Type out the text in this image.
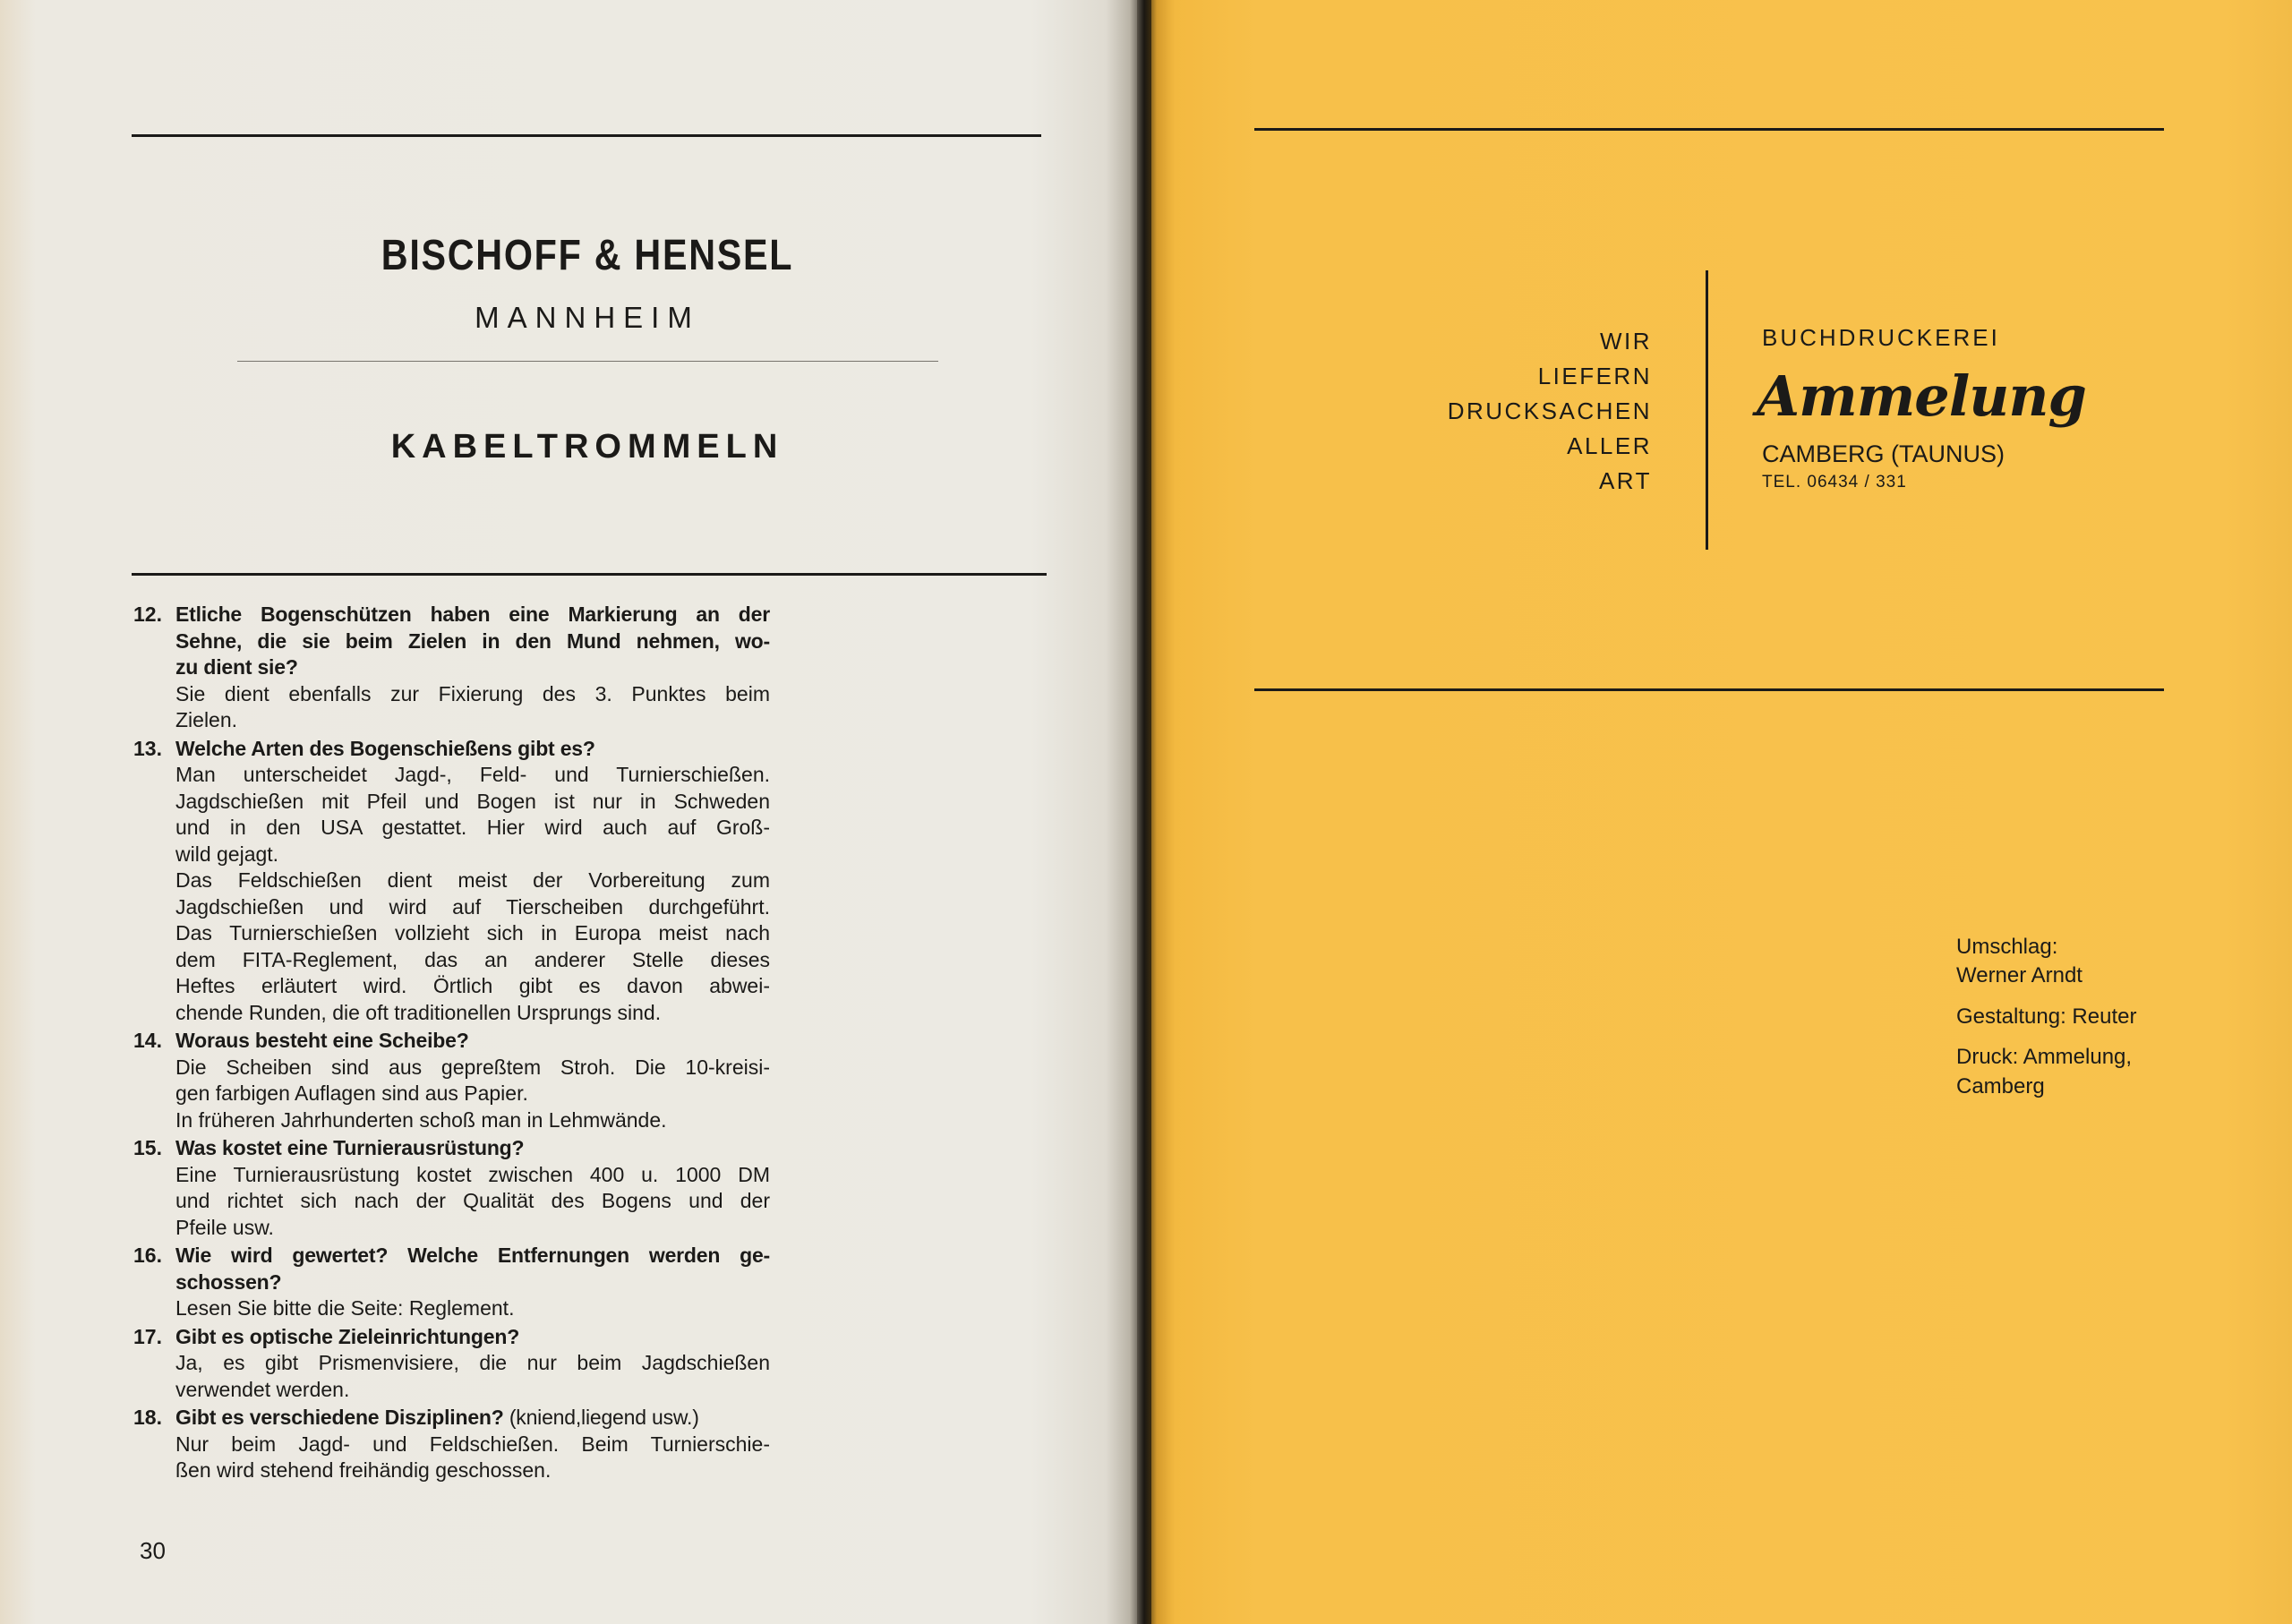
BISCHOFF & HENSEL
MANNHEIM
KABELTROMMELN
12. Etliche Bogenschützen haben eine Markierung an der
Sehne, die sie beim Zielen in den Mund nehmen, wo-
zu dient sie?
Sie dient ebenfalls zur Fixierung des 3. Punktes beim
Zielen.
13. Welche Arten des Bogenschießens gibt es?
Man unterscheidet Jagd-, Feld- und Turnierschießen.
Jagdschießen mit Pfeil und Bogen ist nur in Schweden
und in den USA gestattet. Hier wird auch auf Groß-
wild gejagt.
Das Feldschießen dient meist der Vorbereitung zum
Jagdschießen und wird auf Tierscheiben durchgeführt.
Das Turnierschießen vollzieht sich in Europa meist nach
dem FITA-Reglement, das an anderer Stelle dieses
Heftes erläutert wird. Örtlich gibt es davon abwei-
chende Runden, die oft traditionellen Ursprungs sind.
14. Woraus besteht eine Scheibe?
Die Scheiben sind aus gepreßtem Stroh. Die 10-kreisi-
gen farbigen Auflagen sind aus Papier.
In früheren Jahrhunderten schoß man in Lehmwände.
15. Was kostet eine Turnierausrüstung?
Eine Turnierausrüstung kostet zwischen 400 u. 1000 DM
und richtet sich nach der Qualität des Bogens und der
Pfeile usw.
16. Wie wird gewertet? Welche Entfernungen werden ge-
schossen?
Lesen Sie bitte die Seite: Reglement.
17. Gibt es optische Zieleinrichtungen?
Ja, es gibt Prismenvisiere, die nur beim Jagdschießen
verwendet werden.
18. Gibt es verschiedene Disziplinen? (kniend,liegend usw.)
Nur beim Jagd- und Feldschießen. Beim Turnierschie-
ßen wird stehend freihändig geschossen.
30
WIR
LIEFERN
DRUCKSACHEN
ALLER
ART
BUCHDRUCKEREI
Ammelung
CAMBERG (TAUNUS)
TEL. 06434 / 331
Umschlag:
Werner Arndt
Gestaltung: Reuter
Druck: Ammelung,
Camberg
